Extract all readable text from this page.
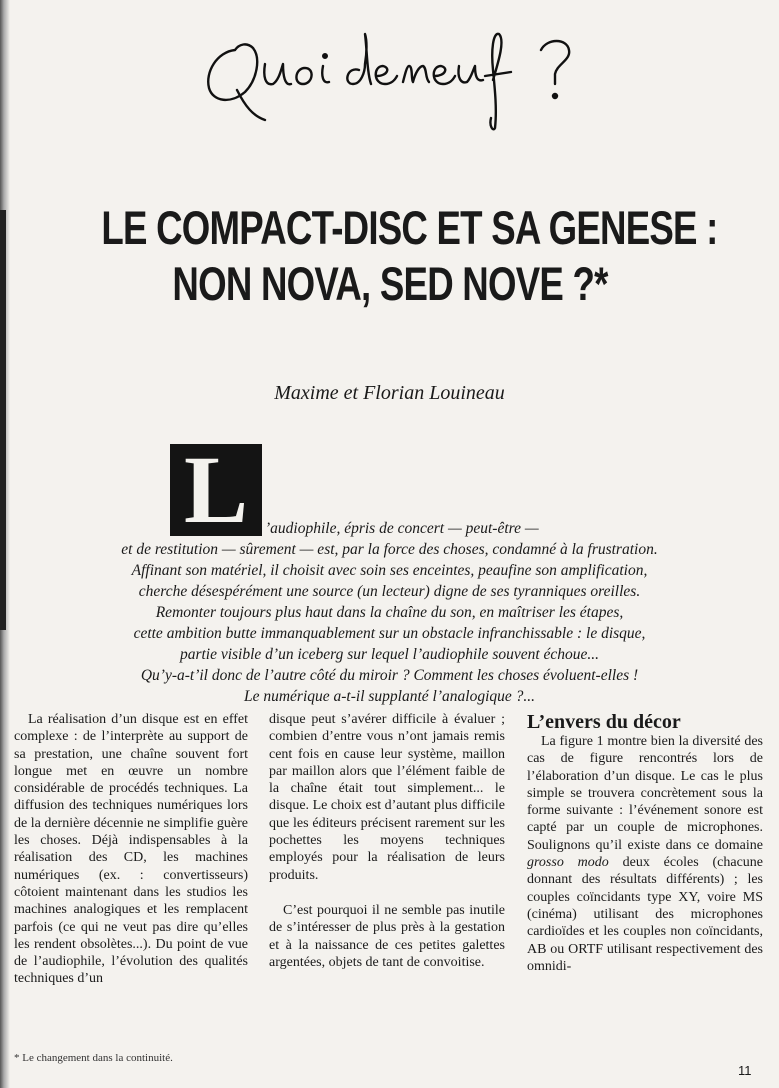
LE COMPACT-DISC ET SA GENESE :
NON NOVA, SED NOVE ?*
Maxime et Florian Louineau
L	’audiophile, épris de concert — peut-être —
et de restitution — sûrement — est, par la force des choses, condamné à la frustration.
Affinant son matériel, il choisit avec soin ses enceintes, peaufine son amplification,
cherche désespérément une source (un lecteur) digne de ses tyranniques oreilles.
Remonter toujours plus haut dans la chaîne du son, en maîtriser les étapes,
cette ambition butte immanquablement sur un obstacle infranchissable : le disque,
partie visible d’un iceberg sur lequel l’audiophile souvent échoue...
Qu’y-a-t’il donc de l’autre côté du miroir ? Comment les choses évoluent-elles !
Le numérique a-t-il supplanté l’analogique ?...

La réalisation d’un disque est en effet complexe : de l’interprète au support de sa prestation, une chaîne souvent fort longue met en œuvre un nombre considérable de procédés techniques. La diffusion des techniques numériques lors de la dernière décennie ne simplifie guère les choses. Déjà indispensables à la réalisation des CD, les machines numériques (ex. : convertisseurs) côtoient maintenant dans les studios les machines analogiques et les remplacent parfois (ce qui ne veut pas dire qu’elles les rendent obsolètes...). Du point de vue de l’audiophile, l’évolution des qualités techniques d’un

disque peut s’avérer difficile à évaluer ; combien d’entre vous n’ont jamais remis cent fois en cause leur système, maillon par maillon alors que l’élément faible de la chaîne était tout simplement... le disque. Le choix est d’autant plus difficile que les éditeurs précisent rarement sur les pochettes les moyens techniques employés pour la réalisation de leurs produits.

C’est pourquoi il ne semble pas inutile de s’intéresser de plus près à la gestation et à la naissance de ces petites galettes argentées, objets de tant de convoitise.

L’envers du décor

La figure 1 montre bien la diversité des cas de figure rencontrés lors de l’élaboration d’un disque. Le cas le plus simple se trouvera concrètement sous la forme suivante : l’événement sonore est capté par un couple de microphones. Soulignons qu’il existe dans ce domaine grosso modo deux écoles (chacune donnant des résultats différents) ; les couples coïncidants type XY, voire MS (cinéma) utilisant des microphones cardioïdes et les couples non coïncidants, AB ou ORTF utilisant respectivement des omnidi-

* Le changement dans la continuité.
11
